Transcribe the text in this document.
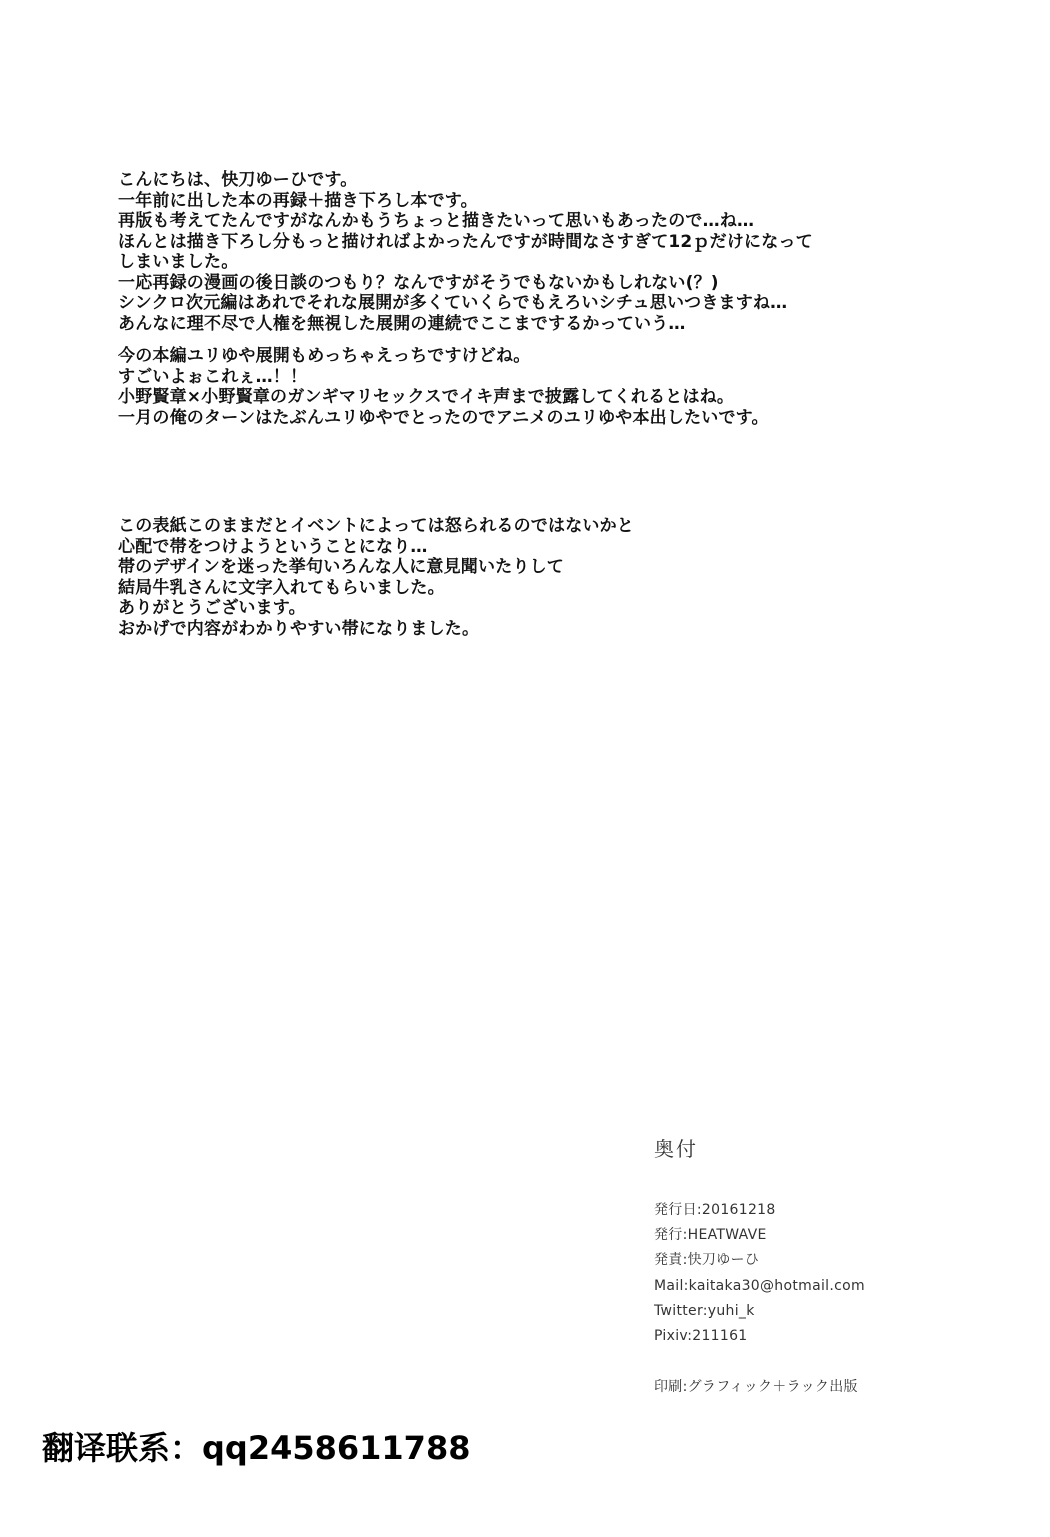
こんにちは、快刀ゆーひです。
一年前に出した本の再録＋描き下ろし本です。
再版も考えてたんですがなんかもうちょっと描きたいって思いもあったので…ね…
ほんとは描き下ろし分もっと描ければよかったんですが時間なさすぎて12ｐだけになって
しまいました。
一応再録の漫画の後日談のつもり？なんですがそうでもないかもしれない(？)
シンクロ次元編はあれでそれな展開が多くていくらでもえろいシチュ思いつきますね…
あんなに理不尽で人権を無視した展開の連続でここまでするかっていう…
今の本編ユリゆや展開もめっちゃえっちですけどね。
すごいよぉこれぇ…！！
小野賢章×小野賢章のガンギマリセックスでイキ声まで披露してくれるとはね。
一月の俺のターンはたぶんユリゆやでとったのでアニメのユリゆや本出したいです。
この表紙このままだとイベントによっては怒られるのではないかと
心配で帯をつけようということになり…
帯のデザインを迷った挙句いろんな人に意見聞いたりして
結局牛乳さんに文字入れてもらいました。
ありがとうございます。
おかげで内容がわかりやすい帯になりました。
奥付
発行日:20161218
発行:HEATWAVE
発責:快刀ゆーひ
Mail:kaitaka30@hotmail.com
Twitter:yuhi_k
Pixiv:211161
印刷:グラフィック＋ラック出版
翻译联系：qq2458611788
